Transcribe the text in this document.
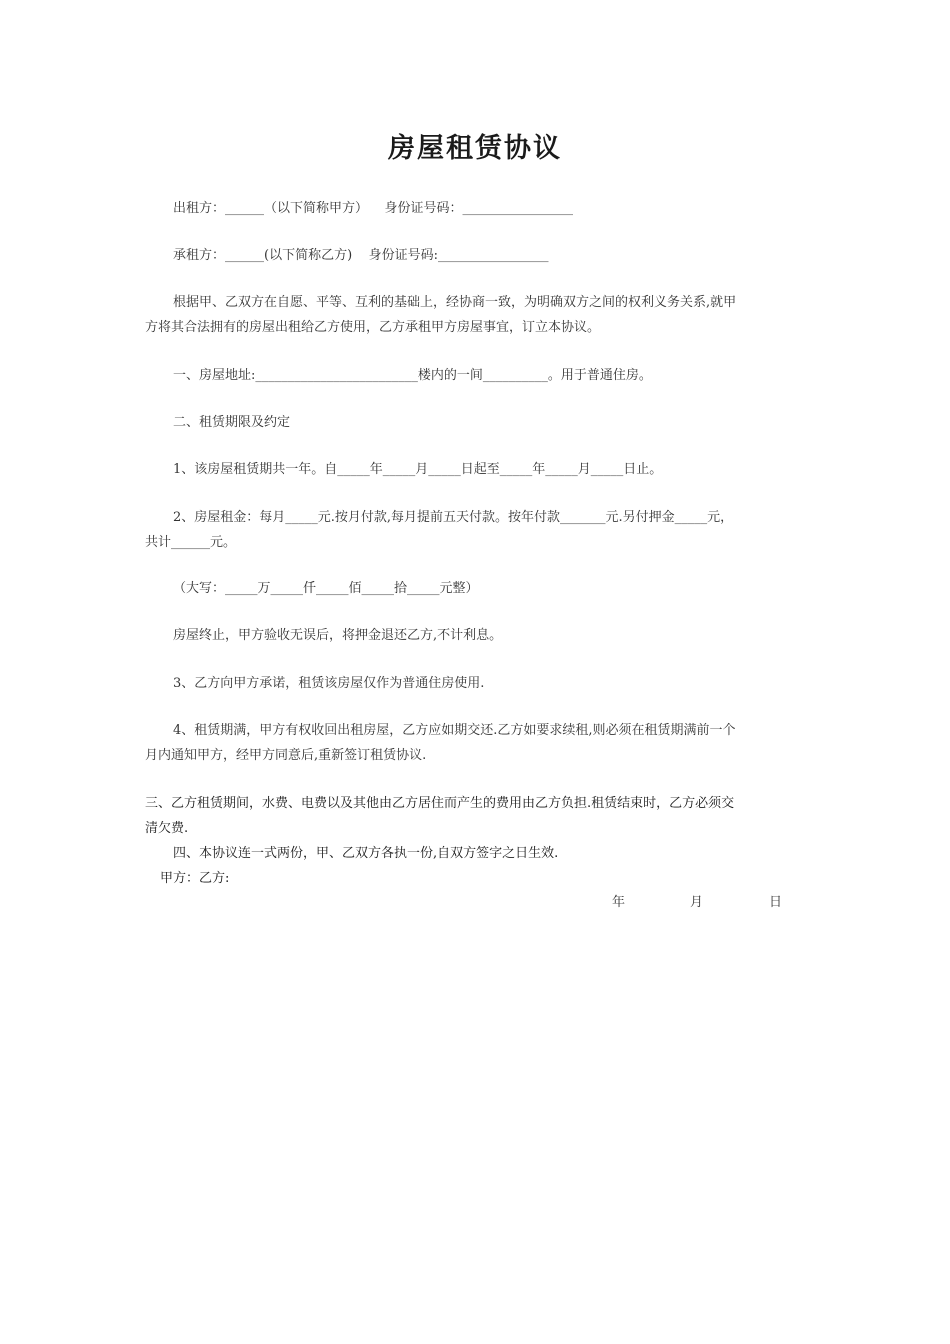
房屋租赁协议
出租方：______（以下简称甲方）    身份证号码：_________________
承租方：______(以下简称乙方)    身份证号码:_________________
根据甲、乙双方在自愿、平等、互利的基础上，经协商一致，为明确双方之间的权利义务关系,就甲
方将其合法拥有的房屋出租给乙方使用，乙方承租甲方房屋事宜，订立本协议。
一、房屋地址:_________________________楼内的一间__________。用于普通住房。
二、租赁期限及约定
1、该房屋租赁期共一年。自_____年_____月_____日起至_____年_____月_____日止。
2、房屋租金：每月_____元.按月付款,每月提前五天付款。按年付款_______元.另付押金_____元，
共计______元。
（大写：_____万_____仟_____佰_____拾_____元整）
房屋终止，甲方验收无误后，将押金退还乙方,不计利息。
3、乙方向甲方承诺，租赁该房屋仅作为普通住房使用.
4、租赁期满，甲方有权收回出租房屋，乙方应如期交还.乙方如要求续租,则必须在租赁期满前一个
月内通知甲方，经甲方同意后,重新签订租赁协议.
三、乙方租赁期间，水费、电费以及其他由乙方居住而产生的费用由乙方负担.租赁结束时，乙方必须交
清欠费.
四、本协议连一式两份，甲、乙双方各执一份,自双方签字之日生效.
甲方：乙方:
年	月	日
